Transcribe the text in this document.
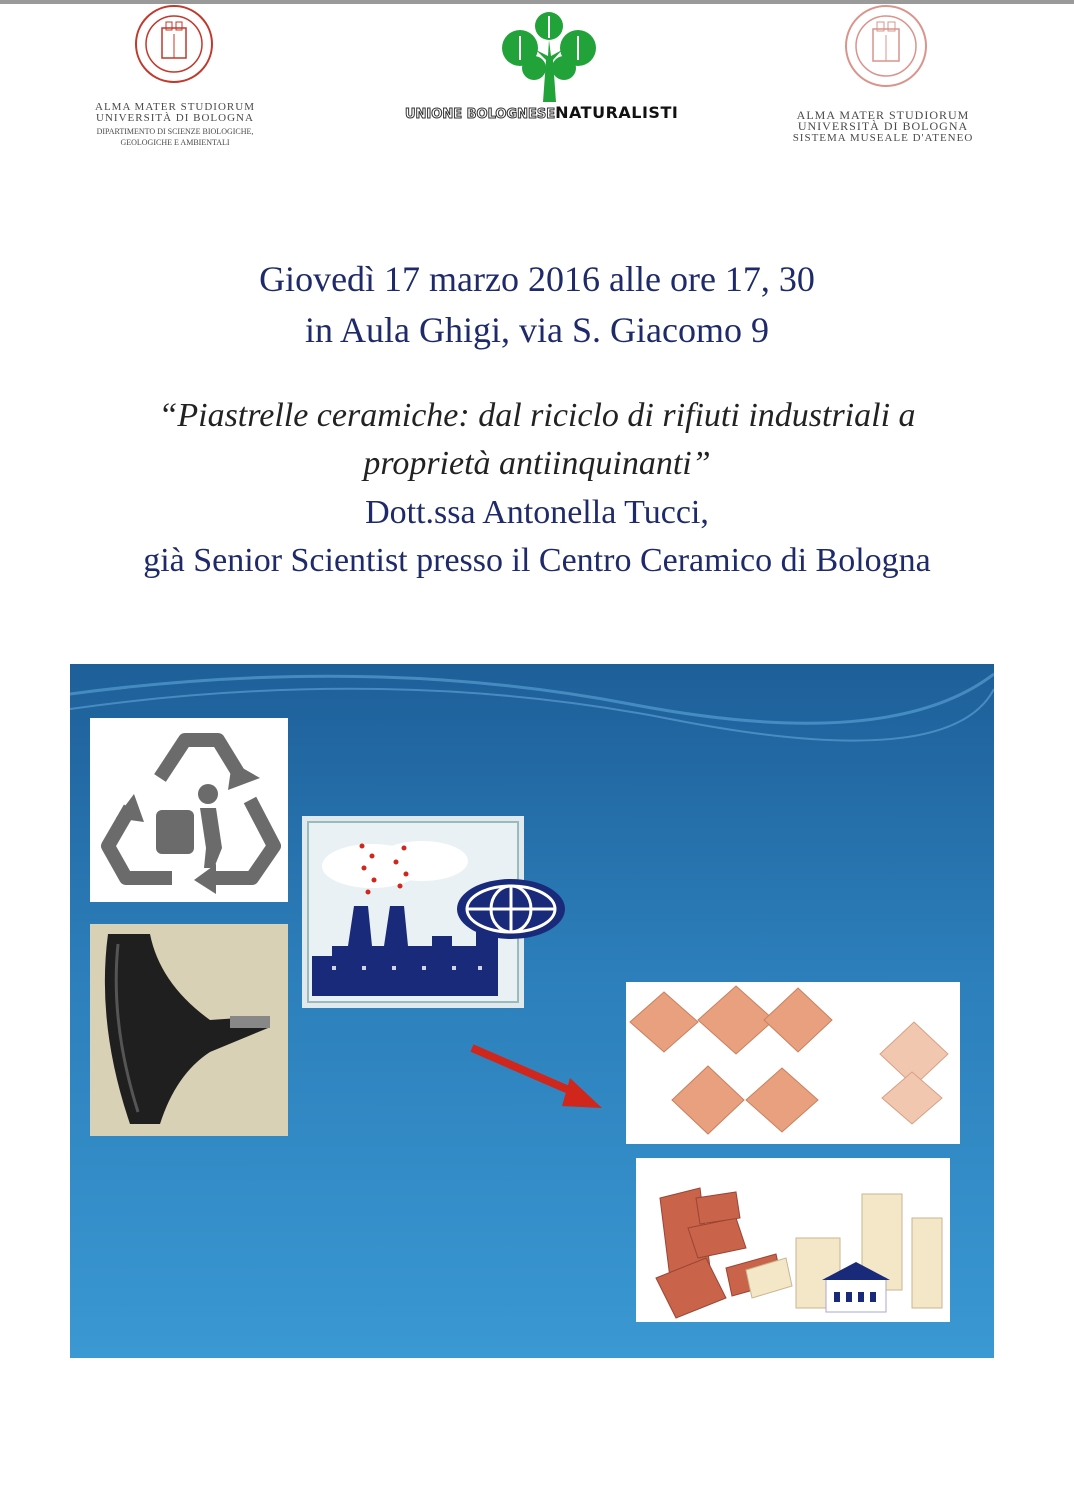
ALMA MATER STUDIORUM
UNIVERSITÀ DI BOLOGNA
DIPARTIMENTO DI SCIENZE BIOLOGICHE,
GEOLOGICHE E AMBIENTALI
UNIONE BOLOGNESENATURALISTI	ALMA MATER STUDIORUM
UNIVERSITÀ DI BOLOGNA
SISTEMA MUSEALE D'ATENEO
Giovedì 17 marzo 2016 alle ore 17, 30
in Aula Ghigi, via S. Giacomo 9
“Piastrelle ceramiche: dal riciclo di rifiuti industriali a
proprietà antiinquinanti”
Dott.ssa Antonella Tucci,
già Senior Scientist presso il Centro Ceramico di Bologna
